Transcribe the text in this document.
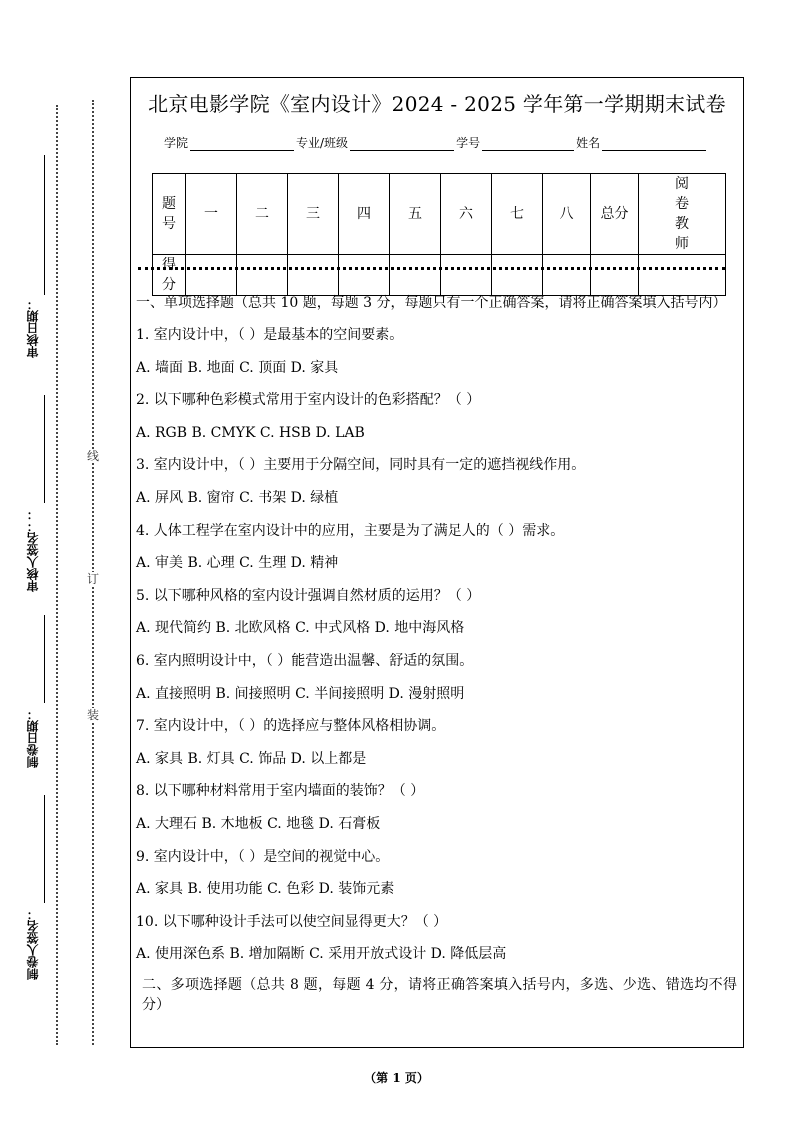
审核日期：
审核人签名：：
制卷日期：
制卷人签名：
线
订
装
北京电影学院《室内设计》2024 - 2025 学年第一学期期末试卷
学院	专业/班级	学号	姓名
题号	一	二	三	四	五	六	七	八	总分	阅卷教师
得分										
一、单项选择题（总共 10 题，每题 3 分，每题只有一个正确答案，请将正确答案填入括号内）
1. 室内设计中，（ ）是最基本的空间要素。
A. 墙面 B. 地面 C. 顶面 D. 家具
2. 以下哪种色彩模式常用于室内设计的色彩搭配？（ ）
A. RGB B. CMYK C. HSB D. LAB
3. 室内设计中，（ ）主要用于分隔空间，同时具有一定的遮挡视线作用。
A. 屏风 B. 窗帘 C. 书架 D. 绿植
4. 人体工程学在室内设计中的应用，主要是为了满足人的（ ）需求。
A. 审美 B. 心理 C. 生理 D. 精神
5. 以下哪种风格的室内设计强调自然材质的运用？（ ）
A. 现代简约 B. 北欧风格 C. 中式风格 D. 地中海风格
6. 室内照明设计中，（ ）能营造出温馨、舒适的氛围。
A. 直接照明 B. 间接照明 C. 半间接照明 D. 漫射照明
7. 室内设计中，（ ）的选择应与整体风格相协调。
A. 家具 B. 灯具 C. 饰品 D. 以上都是
8. 以下哪种材料常用于室内墙面的装饰？（ ）
A. 大理石 B. 木地板 C. 地毯 D. 石膏板
9. 室内设计中，（ ）是空间的视觉中心。
A. 家具 B. 使用功能 C. 色彩 D. 装饰元素
10. 以下哪种设计手法可以使空间显得更大？（ ）
A. 使用深色系 B. 增加隔断 C. 采用开放式设计 D. 降低层高
二、多项选择题（总共 8 题，每题 4 分，请将正确答案填入括号内，多选、少选、错选均不得分）
（第 1 页）
